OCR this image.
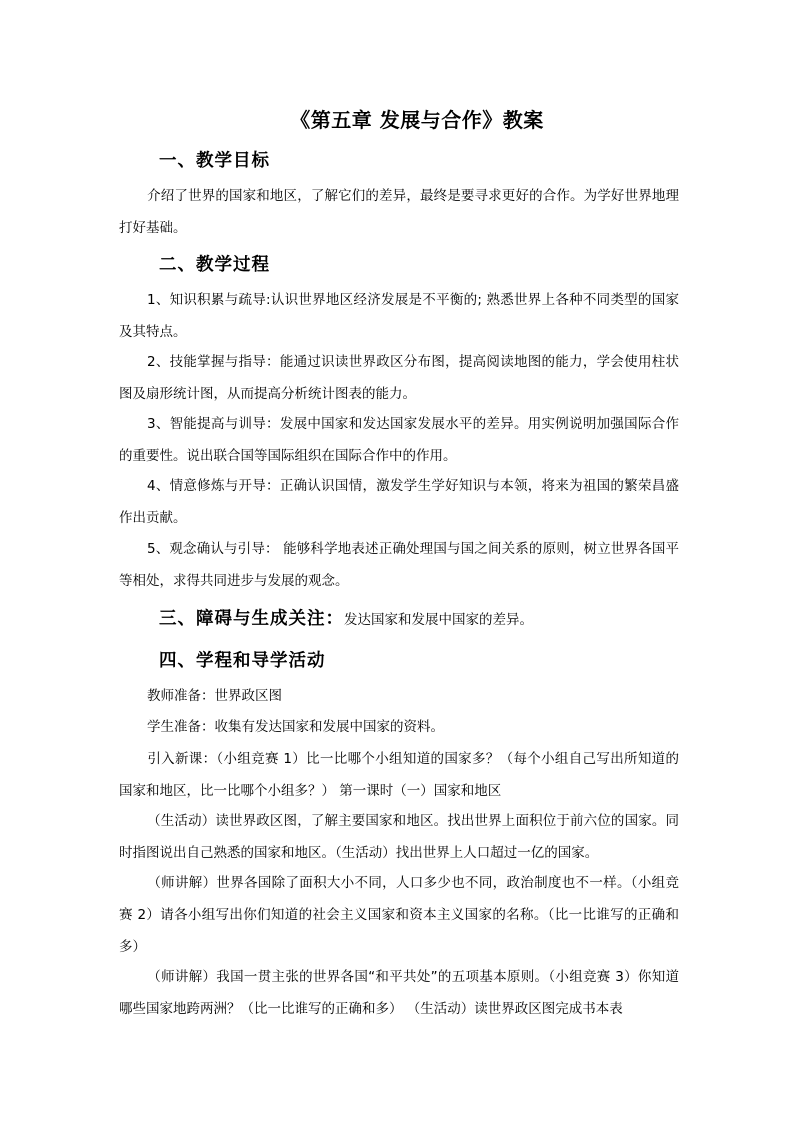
《第五章 发展与合作》教案
一、教学目标
介绍了世界的国家和地区，了解它们的差异，最终是要寻求更好的合作。为学好世界地理打好基础。
二、教学过程
1、知识积累与疏导:认识世界地区经济发展是不平衡的; 熟悉世界上各种不同类型的国家及其特点。
2、技能掌握与指导：能通过识读世界政区分布图，提高阅读地图的能力，学会使用柱状图及扇形统计图，从而提高分析统计图表的能力。
3、智能提高与训导：发展中国家和发达国家发展水平的差异。用实例说明加强国际合作的重要性。说出联合国等国际组织在国际合作中的作用。
4、情意修炼与开导：正确认识国情，激发学生学好知识与本领，将来为祖国的繁荣昌盛作出贡献。
5、观念确认与引导： 能够科学地表述正确处理国与国之间关系的原则，树立世界各国平等相处，求得共同进步与发展的观念。
三、障碍与生成关注：发达国家和发展中国家的差异。
四、学程和导学活动
教师准备：世界政区图
学生准备：收集有发达国家和发展中国家的资料。
引入新课：（小组竞赛 1）比一比哪个小组知道的国家多？（每个小组自己写出所知道的国家和地区，比一比哪个小组多？） 第一课时（一）国家和地区
（生活动）读世界政区图，了解主要国家和地区。找出世界上面积位于前六位的国家。同时指图说出自己熟悉的国家和地区。（生活动）找出世界上人口超过一亿的国家。
（师讲解）世界各国除了面积大小不同，人口多少也不同，政治制度也不一样。（小组竞赛 2）请各小组写出你们知道的社会主义国家和资本主义国家的名称。（比一比谁写的正确和多）
（师讲解）我国一贯主张的世界各国“和平共处”的五项基本原则。（小组竞赛 3）你知道哪些国家地跨两洲？（比一比谁写的正确和多） （生活动）读世界政区图完成书本表
